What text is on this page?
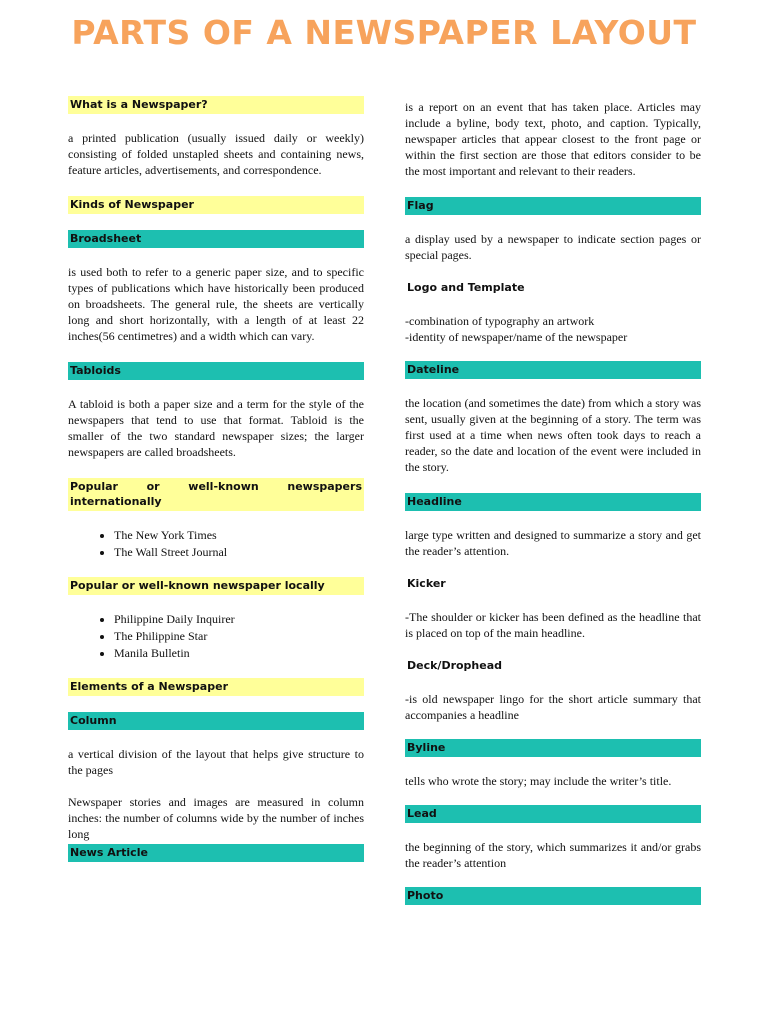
PARTS OF A NEWSPAPER LAYOUT
What is a Newspaper?

a printed publication (usually issued daily or weekly) consisting of folded unstapled sheets and containing news, feature articles, advertisements, and correspondence.

Kinds of Newspaper
Broadsheet

is used both to refer to a generic paper size, and to specific types of publications which have historically been produced on broadsheets. The general rule, the sheets are vertically long and short horizontally, with a length of at least 22 inches(56 centimetres) and a width which can vary.

Tabloids

A tabloid is both a paper size and a term for the style of the newspapers that tend to use that format. Tabloid is the smaller of the two standard newspaper sizes; the larger newspapers are called broadsheets.

Popular or well-known newspapers internationally
• The New York Times
• The Wall Street Journal
Popular or well-known newspaper locally
• Philippine Daily Inquirer
• The Philippine Star
• Manila Bulletin
Elements of a Newspaper
Column

a vertical division of the layout that helps give structure to the pages

Newspaper stories and images are measured in column inches: the number of columns wide by the number of inches long

News Article

is a report on an event that has taken place. Articles may include a byline, body text, photo, and caption. Typically, newspaper articles that appear closest to the front page or within the first section are those that editors consider to be the most important and relevant to their readers.

Flag

a display used by a newspaper to indicate section pages or special pages.

Logo and Template

-combination of typography an artwork

-identity of newspaper/name of the newspaper

Dateline

the location (and sometimes the date) from which a story was sent, usually given at the beginning of a story. The term was first used at a time when news often took days to reach a reader, so the date and location of the event were included in the story.

Headline

large type written and designed to summarize a story and get the reader’s attention.

Kicker

-The shoulder or kicker has been defined as the headline that is placed on top of the main headline.

Deck/Drophead

-is old newspaper lingo for the short article summary that accompanies a headline

Byline

tells who wrote the story; may include the writer’s title.

Lead

the beginning of the story, which summarizes it and/or grabs the reader’s attention

Photo
